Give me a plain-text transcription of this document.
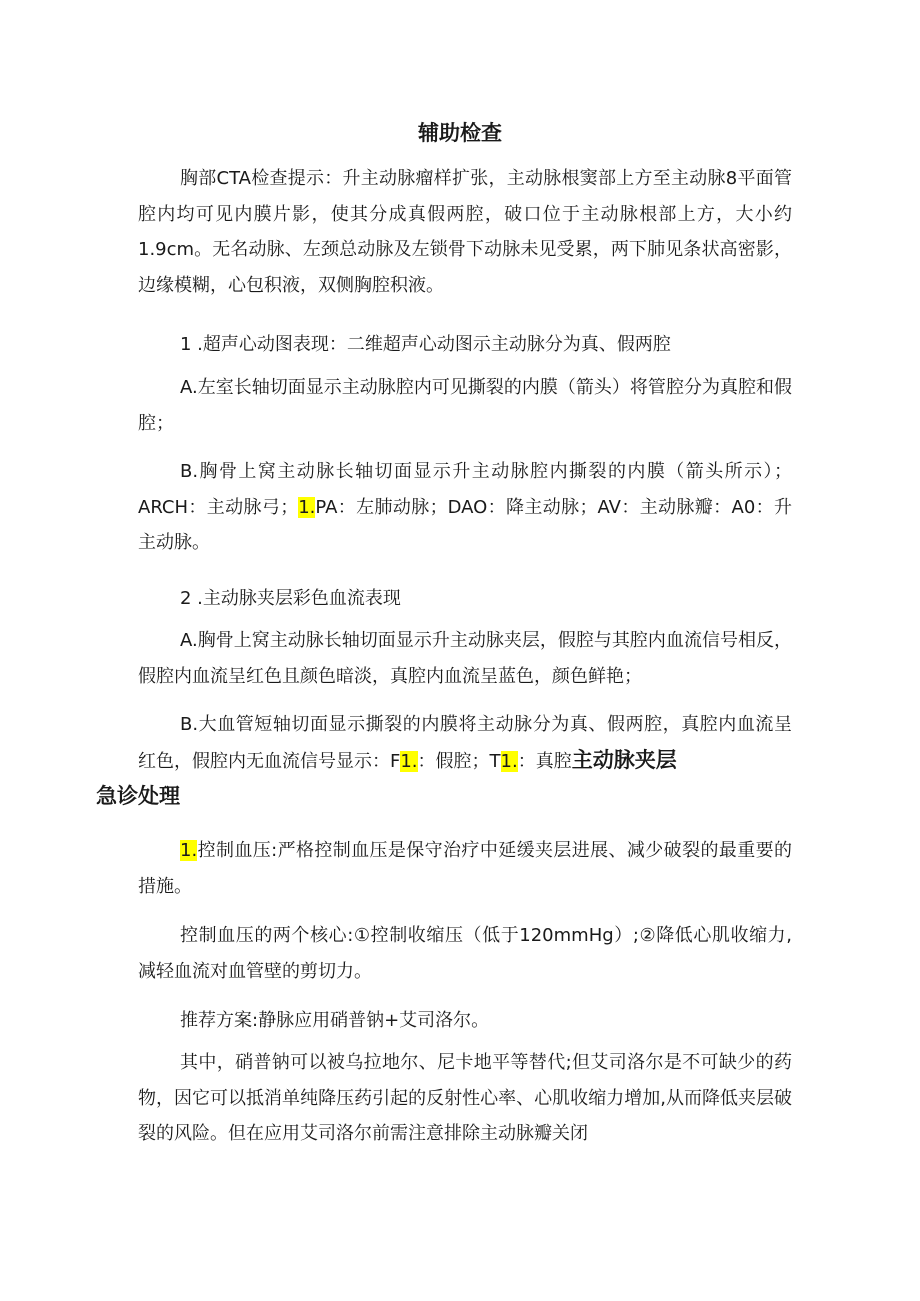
辅助检查

胸部CTA检查提示：升主动脉瘤样扩张，主动脉根窦部上方至主动脉8平面管腔内均可见内膜片影，使其分成真假两腔，破口位于主动脉根部上方，大小约1.9cm。无名动脉、左颈总动脉及左锁骨下动脉未见受累，两下肺见条状高密影，边缘模糊，心包积液，双侧胸腔积液。

1 .超声心动图表现：二维超声心动图示主动脉分为真、假两腔

A.左室长轴切面显示主动脉腔内可见撕裂的内膜（箭头）将管腔分为真腔和假腔；

B.胸骨上窝主动脉长轴切面显示升主动脉腔内撕裂的内膜（箭头所示）；ARCH：主动脉弓；1.PA：左肺动脉；DAO：降主动脉；AV：主动脉瓣：A0：升主动脉。

2 .主动脉夹层彩色血流表现

A.胸骨上窝主动脉长轴切面显示升主动脉夹层，假腔与其腔内血流信号相反，假腔内血流呈红色且颜色暗淡，真腔内血流呈蓝色，颜色鲜艳；

B.大血管短轴切面显示撕裂的内膜将主动脉分为真、假两腔，真腔内血流呈红色，假腔内无血流信号显示：F1.：假腔；T1.：真腔主动脉夹层
急诊处理

1.控制血压:严格控制血压是保守治疗中延缓夹层进展、减少破裂的最重要的措施。

控制血压的两个核心:①控制收缩压（低于120mmHg）;②降低心肌收缩力,减轻血流对血管壁的剪切力。

推荐方案:静脉应用硝普钠+艾司洛尔。

其中，硝普钠可以被乌拉地尔、尼卡地平等替代;但艾司洛尔是不可缺少的药物，因它可以抵消单纯降压药引起的反射性心率、心肌收缩力增加,从而降低夹层破裂的风险。但在应用艾司洛尔前需注意排除主动脉瓣关闭
